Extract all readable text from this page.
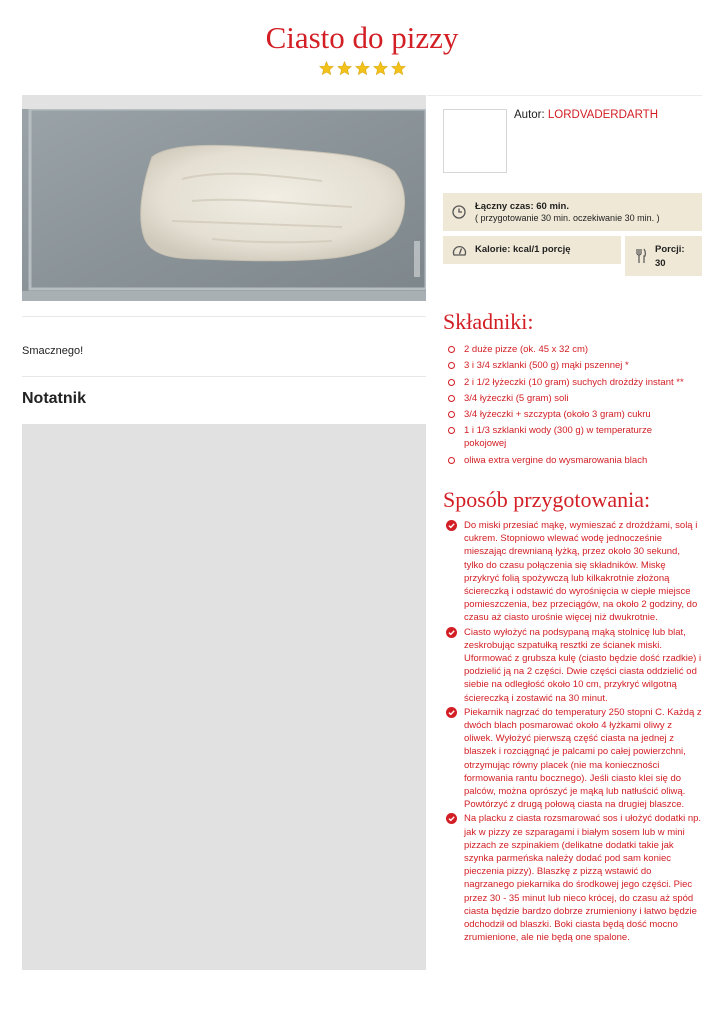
Ciasto do pizzy
Smacznego!
Notatnik
Autor: LORDVADERDARTH
Łączny czas: 60 min.
( przygotowanie 30 min. oczekiwanie 30 min. )
Kalorie: kcal/1 porcję	Porcji:
30
Składniki:
2 duże pizze (ok. 45 x 32 cm)
3 i 3/4 szklanki (500 g) mąki pszennej *
2 i 1/2 łyżeczki (10 gram) suchych drożdży instant **
3/4 łyżeczki (5 gram) soli
3/4 łyżeczki + szczypta (około 3 gram) cukru
1 i 1/3 szklanki wody (300 g) w temperaturze pokojowej
oliwa extra vergine do wysmarowania blach
Sposób przygotowania:
Do miski przesiać mąkę, wymieszać z drożdżami, solą i cukrem. Stopniowo wlewać wodę jednocześnie mieszając drewnianą łyżką, przez około 30 sekund, tylko do czasu połączenia się składników. Miskę przykryć folią spożywczą lub kilkakrotnie złożoną ściereczką i odstawić do wyrośnięcia w ciepłe miejsce pomieszczenia, bez przeciągów, na około 2 godziny, do czasu aż ciasto urośnie więcej niż dwukrotnie.
Ciasto wyłożyć na podsypaną mąką stolnicę lub blat, zeskrobując szpatułką resztki ze ścianek miski. Uformować z grubsza kulę (ciasto będzie dość rzadkie) i podzielić ją na 2 części. Dwie części ciasta oddzielić od siebie na odległość około 10 cm, przykryć wilgotną ściereczką i zostawić na 30 minut.
Piekarnik nagrzać do temperatury 250 stopni C. Każdą z dwóch blach posmarować około 4 łyżkami oliwy z oliwek. Wyłożyć pierwszą część ciasta na jednej z blaszek i rozciągnąć je palcami po całej powierzchni, otrzymując równy placek (nie ma konieczności formowania rantu bocznego). Jeśli ciasto klei się do palców, można oprószyć je mąką lub natłuścić oliwą. Powtórzyć z drugą połową ciasta na drugiej blaszce.
Na placku z ciasta rozsmarować sos i ułożyć dodatki np. jak w pizzy ze szparagami i białym sosem lub w mini pizzach ze szpinakiem (delikatne dodatki takie jak szynka parmeńska należy dodać pod sam koniec pieczenia pizzy). Blaszkę z pizzą wstawić do nagrzanego piekarnika do środkowej jego części. Piec przez 30 - 35 minut lub nieco krócej, do czasu aż spód ciasta będzie bardzo dobrze zrumieniony i łatwo będzie odchodził od blaszki. Boki ciasta będą dość mocno zrumienione, ale nie będą one spalone.
